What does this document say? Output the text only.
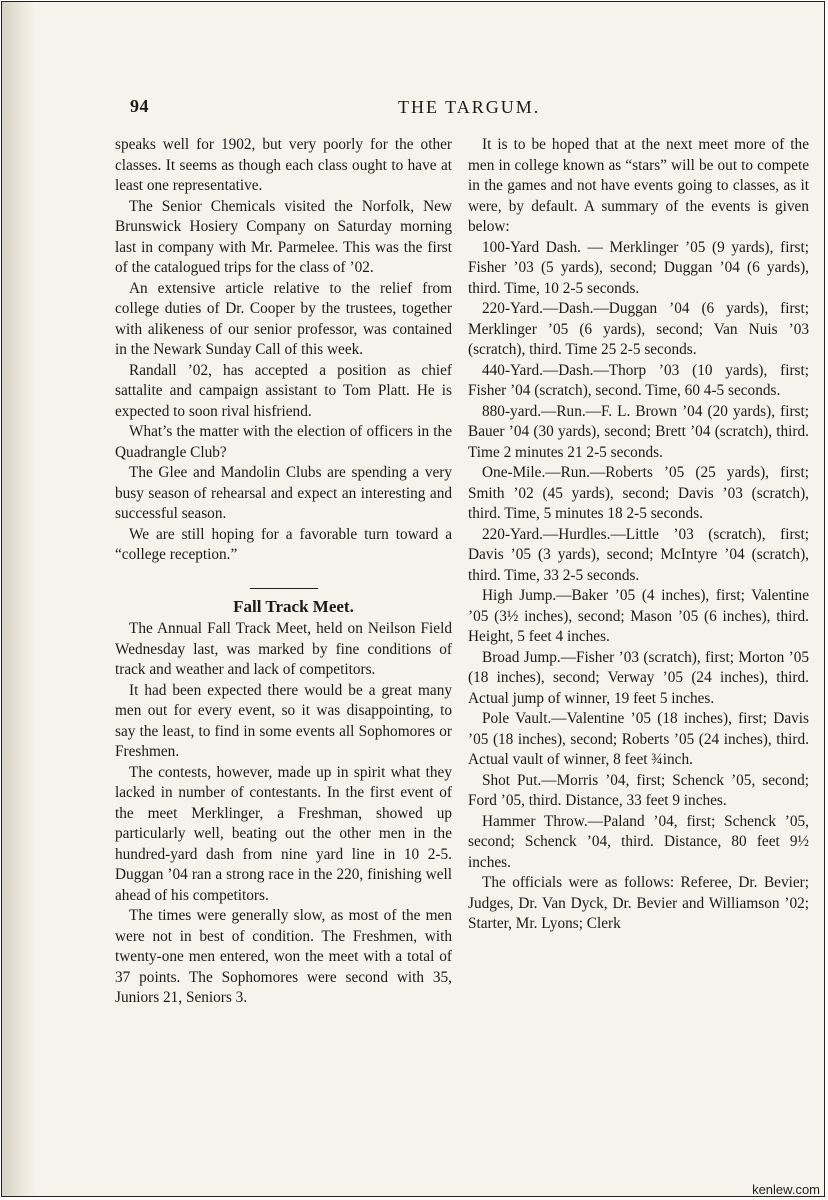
94	THE TARGUM.

speaks well for 1902, but very poorly for the other classes. It seems as though each class ought to have at least one representative.

The Senior Chemicals visited the Norfolk, New Brunswick Hosiery Company on Saturday morning last in company with Mr. Parmelee. This was the first of the catalogued trips for the class of ’02.

An extensive article relative to the relief from college duties of Dr. Cooper by the trustees, together with alikeness of our senior professor, was contained in the Newark Sunday Call of this week.

Randall ’02, has accepted a position as chief sattalite and campaign assistant to Tom Platt. He is expected to soon rival hisfriend.

What’s the matter with the election of officers in the Quadrangle Club?

The Glee and Mandolin Clubs are spending a very busy season of rehearsal and expect an interesting and successful season.

We are still hoping for a favorable turn toward a “college reception.”

Fall Track Meet.

The Annual Fall Track Meet, held on Neilson Field Wednesday last, was marked by fine conditions of track and weather and lack of competitors.

It had been expected there would be a great many men out for every event, so it was disappointing, to say the least, to find in some events all Sophomores or Freshmen.

The contests, however, made up in spirit what they lacked in number of contestants. In the first event of the meet Merklinger, a Freshman, showed up particularly well, beating out the other men in the hundred-yard dash from nine yard line in 10 2-5. Duggan ’04 ran a strong race in the 220, finishing well ahead of his competitors.

The times were generally slow, as most of the men were not in best of condition. The Freshmen, with twenty-one men entered, won the meet with a total of 37 points. The Sophomores were second with 35, Juniors 21, Seniors 3.

It is to be hoped that at the next meet more of the men in college known as “stars” will be out to compete in the games and not have events going to classes, as it were, by default. A summary of the events is given below:

100-Yard Dash. — Merklinger ’05 (9 yards), first; Fisher ’03 (5 yards), second; Duggan ’04 (6 yards), third. Time, 10 2-5 seconds.

220-Yard.—Dash.—Duggan ’04 (6 yards), first; Merklinger ’05 (6 yards), second; Van Nuis ’03 (scratch), third. Time 25 2-5 seconds.

440-Yard.—Dash.—Thorp ’03 (10 yards), first; Fisher ’04 (scratch), second. Time, 60 4-5 seconds.

880-yard.—Run.—F. L. Brown ’04 (20 yards), first; Bauer ’04 (30 yards), second; Brett ’04 (scratch), third. Time 2 minutes 21 2-5 seconds.

One-Mile.—Run.—Roberts ’05 (25 yards), first; Smith ’02 (45 yards), second; Davis ’03 (scratch), third. Time, 5 minutes 18 2-5 seconds.

220-Yard.—Hurdles.—Little ’03 (scratch), first; Davis ’05 (3 yards), second; McIntyre ’04 (scratch), third. Time, 33 2-5 seconds.

High Jump.—Baker ’05 (4 inches), first; Valentine ’05 (3½ inches), second; Mason ’05 (6 inches), third. Height, 5 feet 4 inches.

Broad Jump.—Fisher ’03 (scratch), first; Morton ’05 (18 inches), second; Verway ’05 (24 inches), third. Actual jump of winner, 19 feet 5 inches.

Pole Vault.—Valentine ’05 (18 inches), first; Davis ’05 (18 inches), second; Roberts ’05 (24 inches), third. Actual vault of winner, 8 feet ¾inch.

Shot Put.—Morris ’04, first; Schenck ’05, second; Ford ’05, third. Distance, 33 feet 9 inches.

Hammer Throw.—Paland ’04, first; Schenck ’05, second; Schenck ’04, third. Distance, 80 feet 9½ inches.

The officials were as follows: Referee, Dr. Bevier; Judges, Dr. Van Dyck, Dr. Bevier and Williamson ’02; Starter, Mr. Lyons; Clerk

kenlew.com
